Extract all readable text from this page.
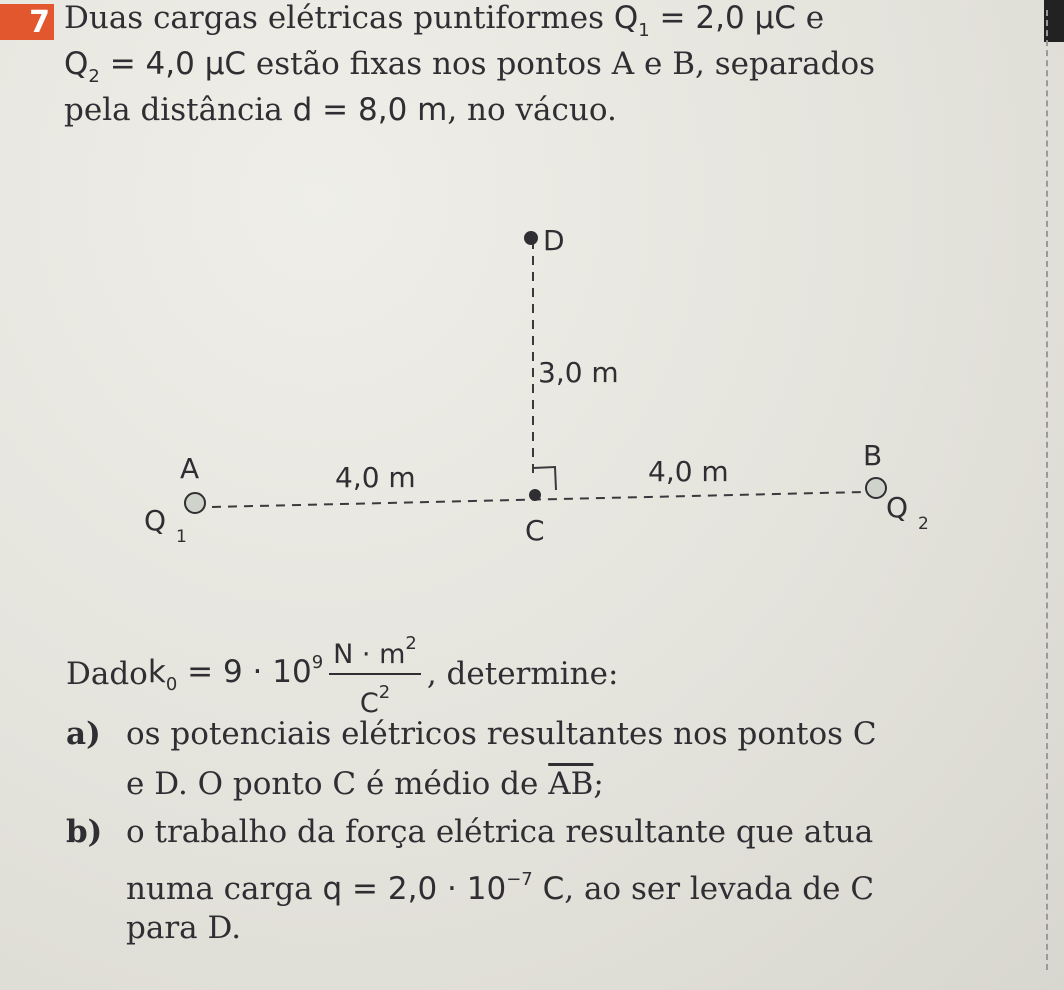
7 Duas cargas elétricas puntiformes $Q_1 = 2,0$ μC e
$Q_2 = 4,0$ μC estão fixas nos pontos A e B, separados
pela distância d = 8,0 m, no vácuo.
D
3,0 m
A	4,0 m	4,0 m	B
C
Q 1
Q 2
Dado $k_0 = 9 \cdot 10^9 \frac{N \cdot m^2}{C^2}$ , determine:
a) os potenciais elétricos resultantes nos pontos C
e D. O ponto C é médio de $\overline{AB}$;
b) o trabalho da força elétrica resultante que atua
numa carga $q = 2,0 \cdot 10^{-7}$ C, ao ser levada de C
para D.
